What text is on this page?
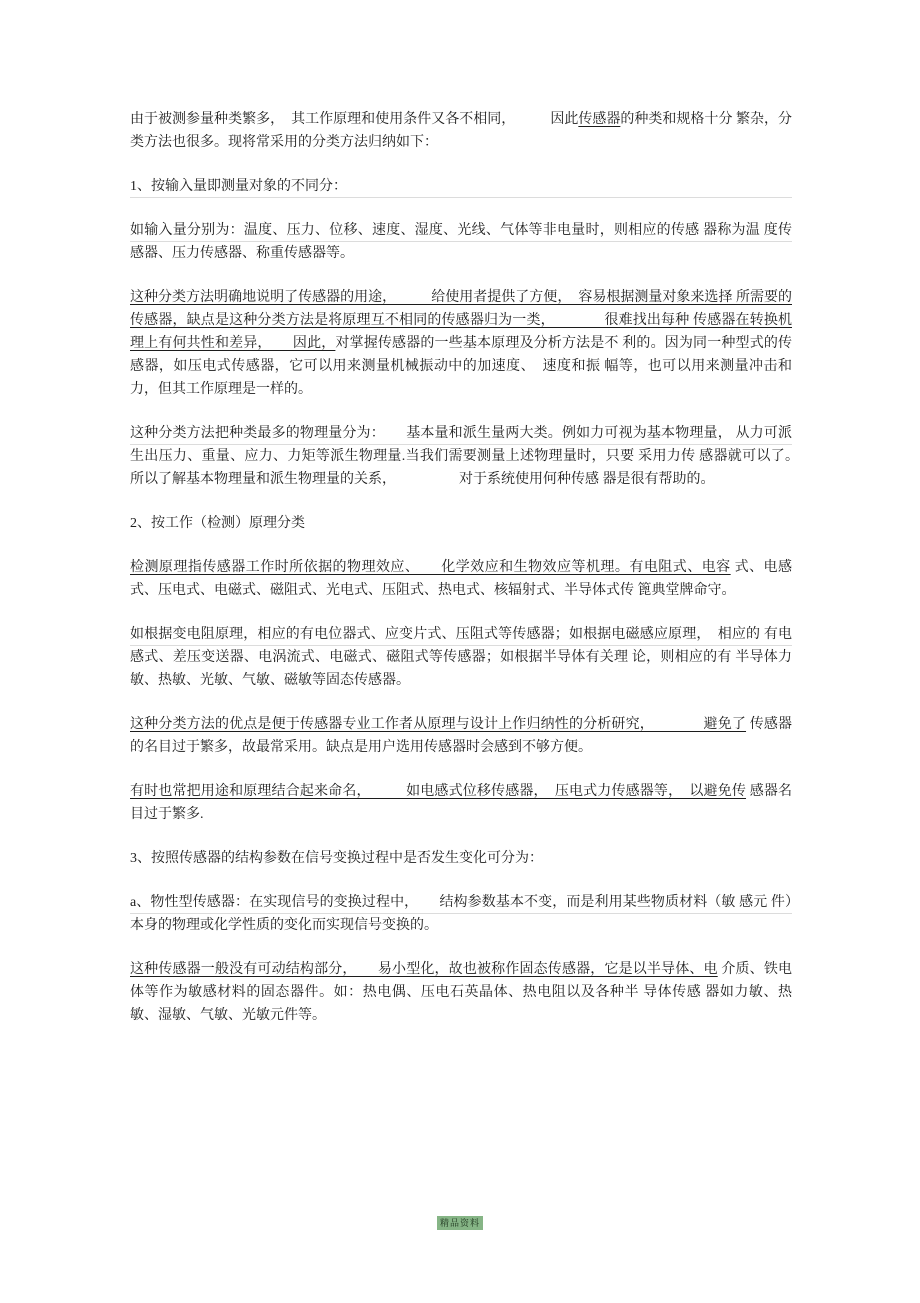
由于被测参量种类繁多，　其工作原理和使用条件又各不相同，　　　因此传感器的种类和规格十分 繁杂，分类方法也很多。现将常采用的分类方法归纳如下：

1、按输入量即测量对象的不同分：

如输入量分别为：温度、压力、位移、速度、湿度、光线、气体等非电量时，则相应的传感 器称为温 度传感器、压力传感器、称重传感器等。

这种分类方法明确地说明了传感器的用途，　　　给使用者提供了方便，　容易根据测量对象来选择 所需要的传感器，缺点是这种分类方法是将原理互不相同的传感器归为一类，　　　　很难找出每种 传感器在转换机理上有何共性和差异，　　因此，对掌握传感器的一些基本原理及分析方法是不 利的。因为同一种型式的传感器，如压电式传感器，它可以用来测量机械振动中的加速度、　速度和振 幅等，也可以用来测量冲击和力，但其工作原理是一样的。

这种分类方法把种类最多的物理量分为：　　基本量和派生量两大类。例如力可视为基本物理量， 从力可派生出压力、重量、应力、力矩等派生物理量.当我们需要测量上述物理量时，只要 采用力传 感器就可以了。　所以了解基本物理量和派生物理量的关系，　　　　　对于系统使用何种传感 器是很有帮助的。

2、按工作（检测）原理分类

检测原理指传感器工作时所依据的物理效应、　　化学效应和生物效应等机理。有电阻式、电容 式、电感式、压电式、电磁式、磁阻式、光电式、压阻式、热电式、核辐射式、半导体式传 篦典堂牌命守。

如根据变电阻原理，相应的有电位器式、应变片式、压阻式等传感器；如根据电磁感应原理，　相应的 有电感式、差压变送器、电涡流式、电磁式、磁阻式等传感器；如根据半导体有关理 论，则相应的有 半导体力敏、热敏、光敏、气敏、磁敏等固态传感器。

这种分类方法的优点是便于传感器专业工作者从原理与设计上作归纳性的分析研究，　　　　避免了 传感器的名目过于繁多，故最常采用。缺点是用户选用传感器时会感到不够方便。

有时也常把用途和原理结合起来命名，　　　如电感式位移传感器，　压电式力传感器等，　以避免传 感器名目过于繁多.

3、按照传感器的结构参数在信号变换过程中是否发生变化可分为：

a、物性型传感器：在实现信号的变换过程中，　　结构参数基本不变，而是利用某些物质材料（敏 感元 件）本身的物理或化学性质的变化而实现信号变换的。

这种传感器一般没有可动结构部分，　　易小型化，故也被称作固态传感器，它是以半导体、电 介质、铁电体等作为敏感材料的固态器件。如：热电偶、压电石英晶体、热电阻以及各种半 导体传感 器如力敏、热敏、湿敏、气敏、光敏元件等。

精品资料
